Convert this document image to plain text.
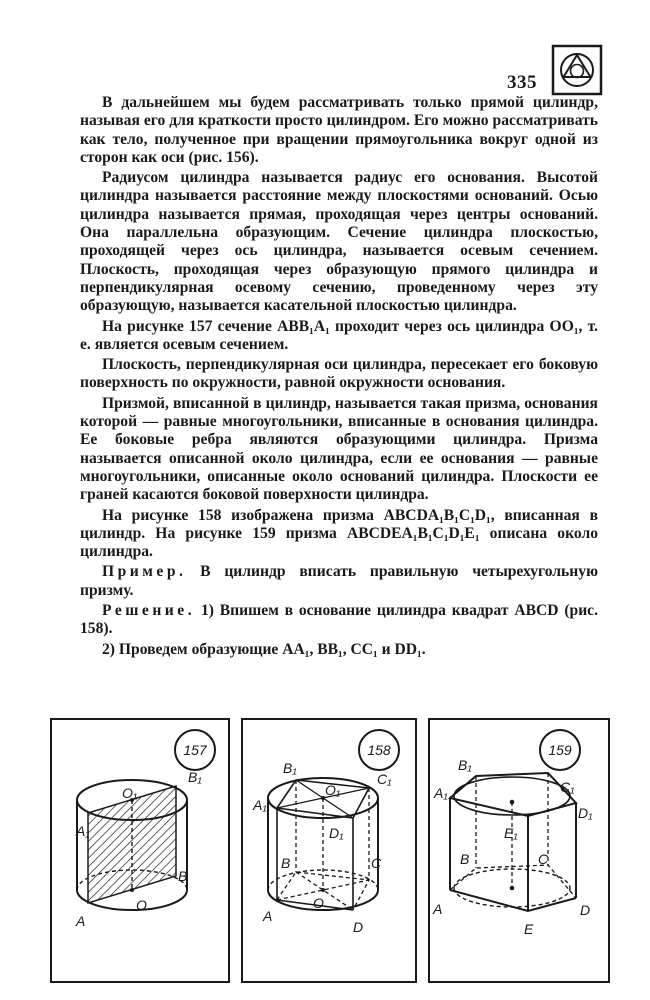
335

В дальнейшем мы будем рассматривать только прямой цилиндр, называя его для краткости просто цилиндром. Его можно рассматривать как тело, полученное при вращении прямоугольника вокруг одной из сторон как оси (рис. 156).

Радиусом цилиндра называется радиус его основания. Высотой цилиндра называется расстояние между плоскостями оснований. Осью цилиндра называется прямая, проходящая через центры оснований. Она параллельна образующим. Сечение цилиндра плоскостью, проходящей через ось цилиндра, называется осевым сечением. Плоскость, проходящая через образующую прямого цилиндра и перпендикулярная осевому сечению, проведенному через эту образующую, называется касательной плоскостью цилиндра.

На рисунке 157 сечение ABB₁A₁ проходит через ось цилиндра OO₁, т. е. является осевым сечением.

Плоскость, перпендикулярная оси цилиндра, пересекает его боковую поверхность по окружности, равной окружности основания.

Призмой, вписанной в цилиндр, называется такая призма, основания которой — равные многоугольники, вписанные в основания цилиндра. Ее боковые ребра являются образующими цилиндра. Призма называется описанной около цилиндра, если ее основания — равные многоугольники, описанные около оснований цилиндра. Плоскости ее граней касаются боковой поверхности цилиндра.

На рисунке 158 изображена призма ABCDA₁B₁C₁D₁, вписанная в цилиндр. На рисунке 159 призма ABCDEA₁B₁C₁D₁E₁ описана около цилиндра.

Пример. В цилиндр вписать правильную четырехугольную призму.

Решение. 1) Впишем в основание цилиндра квадрат ABCD (рис. 158).

2) Проведем образующие AA₁, BB₁, CC₁ и DD₁.

157
A
B
A₁
B₁
O₁
O
158
A
B	C
D
A₁
B₁
C₁
D₁
O₁
O
159
A
B	C
D
E
A₁
B₁
C₁
D₁
E₁
